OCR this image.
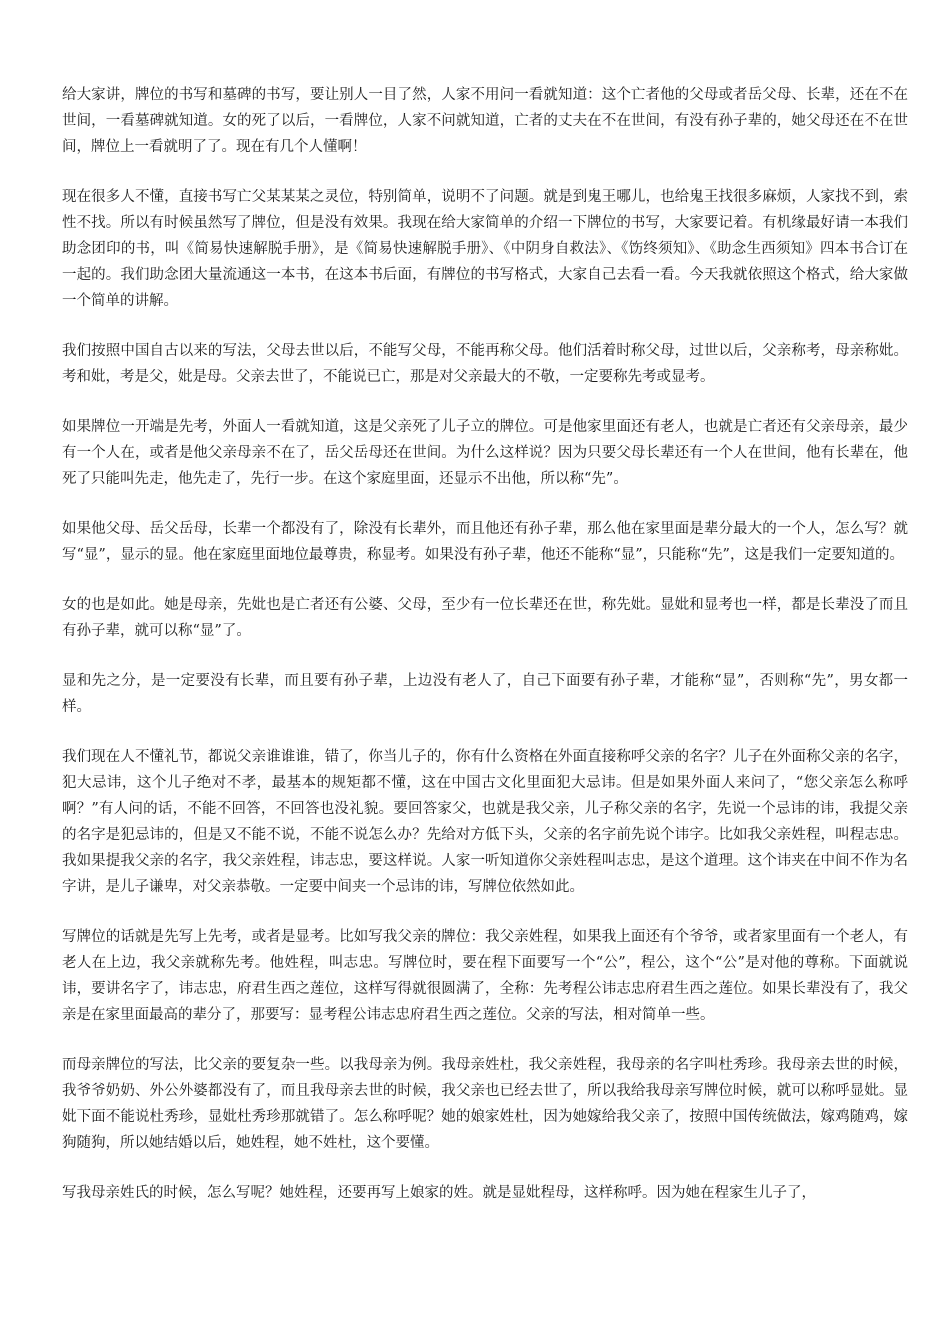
给大家讲，牌位的书写和墓碑的书写，要让别人一目了然，人家不用问一看就知道：这个亡者他的父母或者岳父母、长辈，还在不在世间，一看墓碑就知道。女的死了以后，一看牌位，人家不问就知道，亡者的丈夫在不在世间，有没有孙子辈的，她父母还在不在世间，牌位上一看就明了了。现在有几个人懂啊！

现在很多人不懂，直接书写亡父某某某之灵位，特别简单，说明不了问题。就是到鬼王哪儿，也给鬼王找很多麻烦，人家找不到，索性不找。所以有时候虽然写了牌位，但是没有效果。我现在给大家简单的介绍一下牌位的书写，大家要记着。有机缘最好请一本我们助念团印的书，叫《简易快速解脱手册》，是《简易快速解脱手册》、《中阴身自救法》、《饬终须知》、《助念生西须知》四本书合订在一起的。我们助念团大量流通这一本书，在这本书后面，有牌位的书写格式，大家自己去看一看。今天我就依照这个格式，给大家做一个简单的讲解。

我们按照中国自古以来的写法，父母去世以后，不能写父母，不能再称父母。他们活着时称父母，过世以后，父亲称考，母亲称妣。考和妣，考是父，妣是母。父亲去世了，不能说已亡，那是对父亲最大的不敬，一定要称先考或显考。

如果牌位一开端是先考，外面人一看就知道，这是父亲死了儿子立的牌位。可是他家里面还有老人，也就是亡者还有父亲母亲，最少有一个人在，或者是他父亲母亲不在了，岳父岳母还在世间。为什么这样说？因为只要父母长辈还有一个人在世间，他有长辈在，他死了只能叫先走，他先走了，先行一步。在这个家庭里面，还显示不出他，所以称“先”。

如果他父母、岳父岳母，长辈一个都没有了，除没有长辈外，而且他还有孙子辈，那么他在家里面是辈分最大的一个人，怎么写？就写“显”，显示的显。他在家庭里面地位最尊贵，称显考。如果没有孙子辈，他还不能称“显”，只能称“先”，这是我们一定要知道的。

女的也是如此。她是母亲，先妣也是亡者还有公婆、父母，至少有一位长辈还在世，称先妣。显妣和显考也一样，都是长辈没了而且有孙子辈，就可以称“显”了。

显和先之分，是一定要没有长辈，而且要有孙子辈，上边没有老人了，自己下面要有孙子辈，才能称“显”，否则称“先”，男女都一样。

我们现在人不懂礼节，都说父亲谁谁谁，错了，你当儿子的，你有什么资格在外面直接称呼父亲的名字？儿子在外面称父亲的名字，犯大忌讳，这个儿子绝对不孝，最基本的规矩都不懂，这在中国古文化里面犯大忌讳。但是如果外面人来问了，“您父亲怎么称呼啊？”有人问的话，不能不回答，不回答也没礼貌。要回答家父，也就是我父亲，儿子称父亲的名字，先说一个忌讳的讳，我提父亲的名字是犯忌讳的，但是又不能不说，不能不说怎么办？先给对方低下头，父亲的名字前先说个讳字。比如我父亲姓程，叫程志忠。我如果提我父亲的名字，我父亲姓程，讳志忠，要这样说。人家一听知道你父亲姓程叫志忠，是这个道理。这个讳夹在中间不作为名字讲，是儿子谦卑，对父亲恭敬。一定要中间夹一个忌讳的讳，写牌位依然如此。

写牌位的话就是先写上先考，或者是显考。比如写我父亲的牌位：我父亲姓程，如果我上面还有个爷爷，或者家里面有一个老人，有老人在上边，我父亲就称先考。他姓程，叫志忠。写牌位时，要在程下面要写一个“公”，程公，这个“公”是对他的尊称。下面就说讳，要讲名字了，讳志忠，府君生西之莲位，这样写得就很圆满了，全称：先考程公讳志忠府君生西之莲位。如果长辈没有了，我父亲是在家里面最高的辈分了，那要写：显考程公讳志忠府君生西之莲位。父亲的写法，相对简单一些。

而母亲牌位的写法，比父亲的要复杂一些。以我母亲为例。我母亲姓杜，我父亲姓程，我母亲的名字叫杜秀珍。我母亲去世的时候，我爷爷奶奶、外公外婆都没有了，而且我母亲去世的时候，我父亲也已经去世了，所以我给我母亲写牌位时候，就可以称呼显妣。显妣下面不能说杜秀珍，显妣杜秀珍那就错了。怎么称呼呢？她的娘家姓杜，因为她嫁给我父亲了，按照中国传统做法，嫁鸡随鸡，嫁狗随狗，所以她结婚以后，她姓程，她不姓杜，这个要懂。

写我母亲姓氏的时候，怎么写呢？她姓程，还要再写上娘家的姓。就是显妣程母，这样称呼。因为她在程家生儿子了，
